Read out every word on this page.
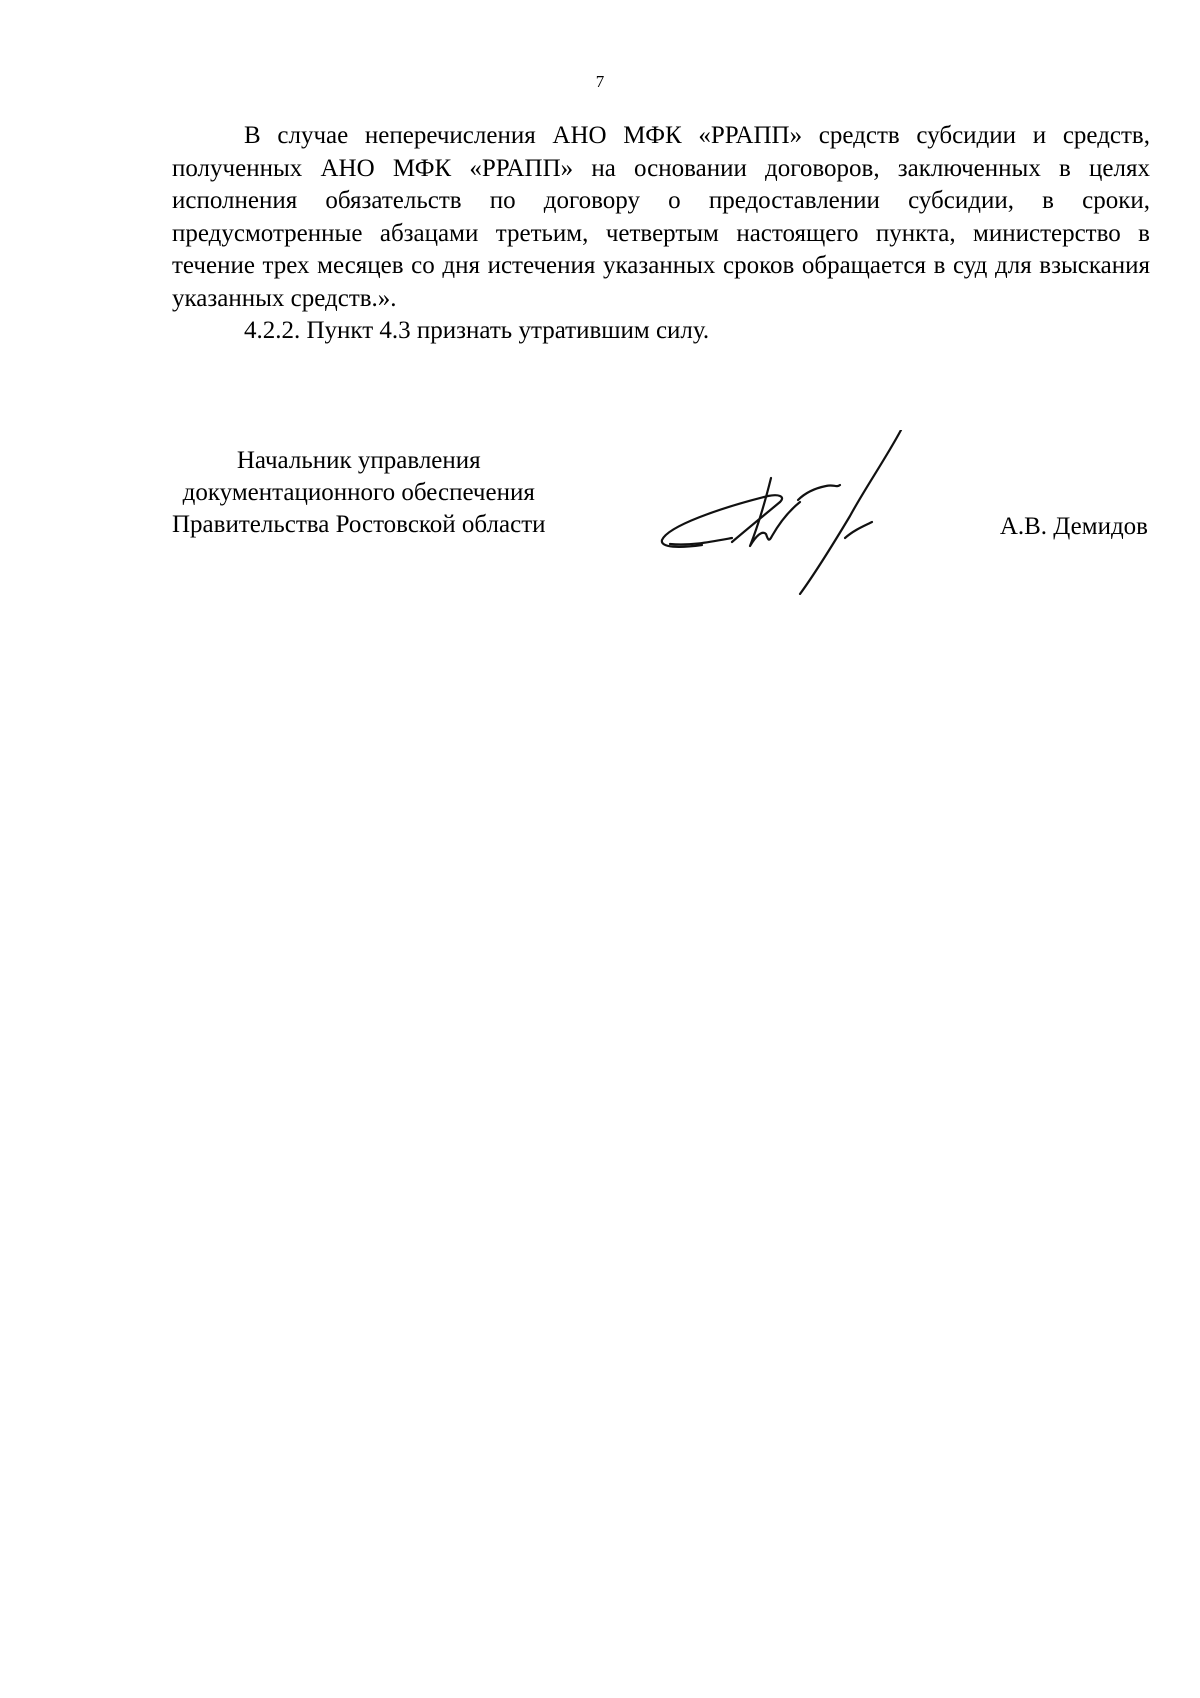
7

В случае неперечисления АНО МФК «РРАПП» средств субсидии и средств, полученных АНО МФК «РРАПП» на основании договоров, заключенных в целях исполнения обязательств по договору о предоставлении субсидии, в сроки, предусмотренные абзацами третьим, четвертым настоящего пункта, министерство в течение трех месяцев со дня истечения указанных сроков обращается в суд для взыскания указанных средств.».

4.2.2. Пункт 4.3 признать утратившим силу.

Начальник управления
документационного обеспечения
Правительства Ростовской области	А.В. Демидов
